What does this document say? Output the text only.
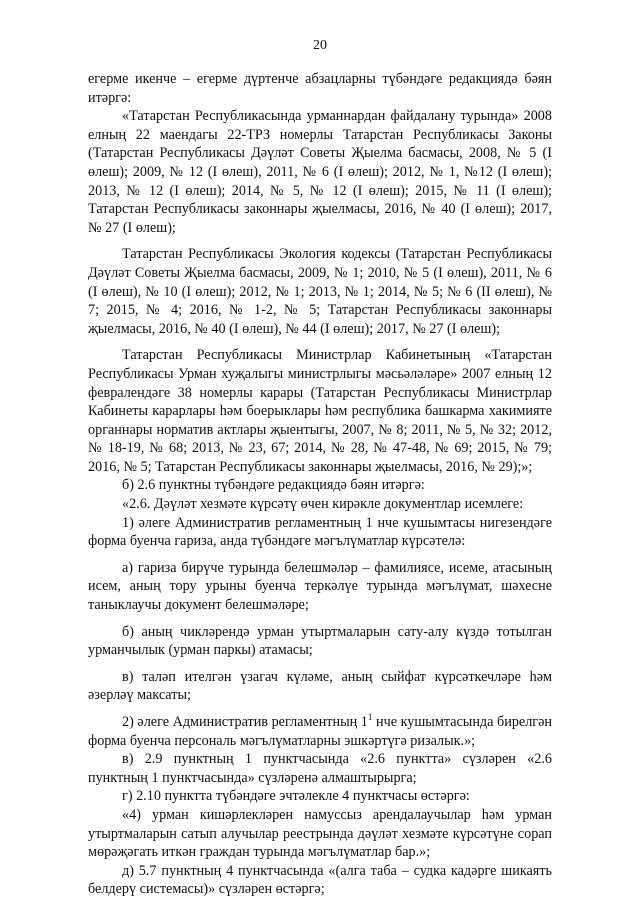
20

егерме икенче – егерме дүртенче абзацларны түбәндәге редакциядә бәян итәргә:

«Татарстан Республикасында урманнардан файдалану турында» 2008 елның 22 маендагы 22-ТРЗ номерлы Татарстан Республикасы Законы (Татарстан Республикасы Дәүләт Советы Җыелма басмасы, 2008, № 5 (I өлеш); 2009, № 12 (I өлеш), 2011, № 6 (I өлеш); 2012, № 1, №12 (I өлеш); 2013, № 12 (I өлеш); 2014, № 5, № 12 (I өлеш); 2015, № 11 (I өлеш); Татарстан Республикасы законнары җыелмасы, 2016, № 40 (I өлеш); 2017, № 27 (I өлеш);

Татарстан Республикасы Экология кодексы (Татарстан Республикасы Дәүләт Советы Җыелма басмасы, 2009, № 1; 2010, № 5 (I өлеш), 2011, № 6 (I өлеш), № 10 (I өлеш); 2012, № 1; 2013, № 1; 2014, № 5; № 6 (II өлеш), № 7; 2015, № 4; 2016, № 1-2, № 5; Татарстан Республикасы законнары җыелмасы, 2016, № 40 (I өлеш), № 44 (I өлеш); 2017, № 27 (I өлеш);

Татарстан Республикасы Министрлар Кабинетының «Татарстан Республикасы Урман хуҗалыгы министрлыгы мәсьәләләре» 2007 елның 12 февралендәге 38 номерлы карары (Татарстан Республикасы Министрлар Кабинеты карарлары һәм боерыклары һәм республика башкарма хакимияте органнары норматив актлары җыентыгы, 2007, № 8; 2011, № 5, № 32; 2012, № 18-19, № 68; 2013, № 23, 67; 2014, № 28, № 47-48, № 69; 2015, № 79; 2016, № 5; Татарстан Республикасы законнары җыелмасы, 2016, № 29);»;

б) 2.6 пунктны түбәндәге редакциядә бәян итәргә:

«2.6. Дәүләт хезмәте күрсәтү өчен кирәкле документлар исемлеге:

1) әлеге Административ регламентның 1 нче кушымтасы нигезендәге форма буенча гариза, анда түбәндәге мәгълүматлар күрсәтелә:

а) гариза бирүче турында белешмәләр – фамилиясе, исеме, атасының исем, аның тору урыны буенча теркәлүе турында мәгълүмат, шәхесне таныклаучы документ белешмәләре;

б) аның чикләрендә урман утыртмаларын сату-алу күздә тотылган урманчылык (урман паркы) атамасы;

в) таләп ителгән үзагач күләме, аның сыйфат күрсәткечләре һәм әзерләү максаты;

2) әлеге Административ регламентның $1^1$ нче кушымтасында бирелгән форма буенча персональ мәгълүматларны эшкәртүгә ризалык.»;

в) 2.9 пунктның 1 пунктчасында «2.6 пунктта» сүзләрен «2.6 пунктның 1 пунктчасында» сүзләренә алмаштырырга;

г) 2.10 пунктта түбәндәге эчтәлекле 4 пунктчасы өстәргә:

«4) урман кишәрлекләрен намуссыз арендалаучылар һәм урман утыртмаларын сатып алучылар реестрында дәүләт хезмәте күрсәтүне сорап мөрәҗәгать иткән граждан турында мәгълүматлар бар.»;

д) 5.7 пунктның 4 пунктчасында «(алга таба – судка кадәрге шикаять белдерү системасы)» сүзләрен өстәргә;
